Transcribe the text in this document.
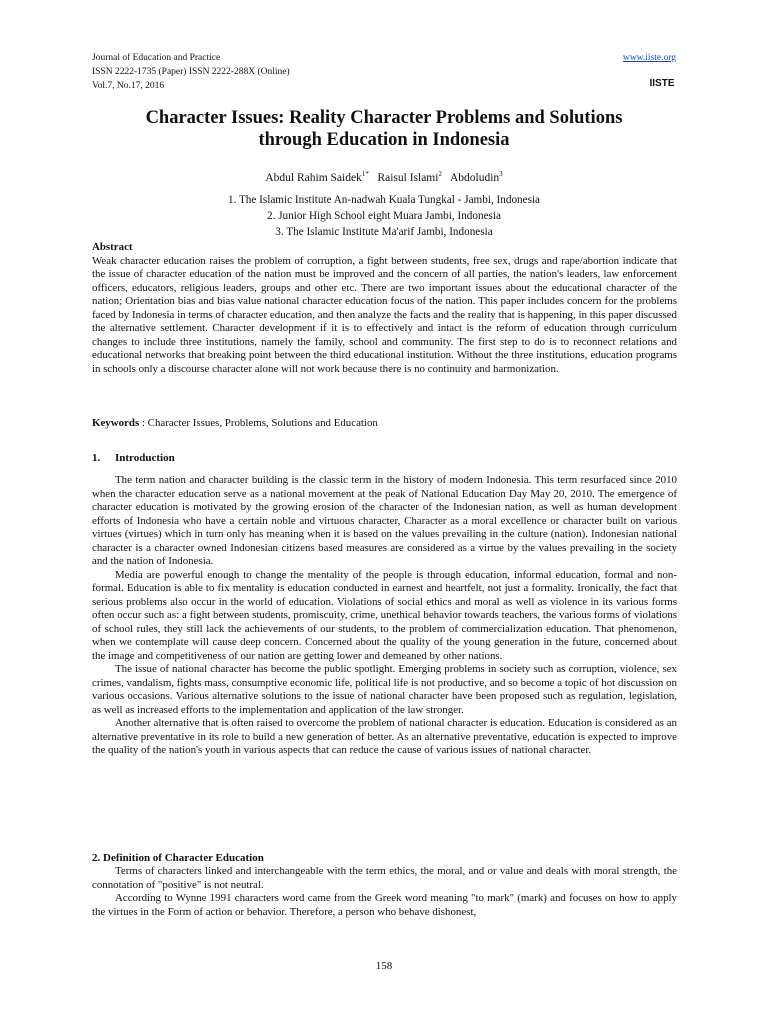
Journal of Education and Practice
ISSN 2222-1735 (Paper) ISSN 2222-288X (Online)
Vol.7, No.17, 2016
www.iiste.org
IISTE
Character Issues: Reality Character Problems and Solutions
through Education in Indonesia
Abdul Rahim Saidek$^{1*}$ Raisul Islami$^2$ Abdoludin$^3$
1. The Islamic Institute An-nadwah Kuala Tungkal - Jambi, Indonesia
2. Junior High School eight Muara Jambi, Indonesia
3. The Islamic Institute Ma'arif Jambi, Indonesia

Abstract

Weak character education raises the problem of corruption, a fight between students, free sex, drugs and rape/abortion indicate that the issue of character education of the nation must be improved and the concern of all parties, the nation's leaders, law enforcement officers, educators, religious leaders, groups and other etc. There are two important issues about the educational character of the nation; Orientation bias and bias value national character education focus of the nation. This paper includes concern for the problems faced by Indonesia in terms of character education, and then analyze the facts and the reality that is happening, in this paper discussed the alternative settlement. Character development if it is to effectively and intact is the reform of education through curriculum changes to include three institutions, namely the family, school and community. The first step to do is to reconnect relations and educational networks that breaking point between the third educational institution. Without the three institutions, education programs in schools only a discourse character alone will not work because there is no continuity and harmonization.

Keywords : Character Issues, Problems, Solutions and Education
1. Introduction

The term nation and character building is the classic term in the history of modern Indonesia. This term resurfaced since 2010 when the character education serve as a national movement at the peak of National Education Day May 20, 2010. The emergence of character education is motivated by the growing erosion of the character of the Indonesian nation, as well as human development efforts of Indonesia who have a certain noble and virtuous character, Character as a moral excellence or character built on various virtues (virtues) which in turn only has meaning when it is based on the values prevailing in the culture (nation). Indonesian national character is a character owned Indonesian citizens based measures are considered as a virtue by the values prevailing in the society and the nation of Indonesia.

Media are powerful enough to change the mentality of the people is through education, informal education, formal and non-formal. Education is able to fix mentality is education conducted in earnest and heartfelt, not just a formality. Ironically, the fact that serious problems also occur in the world of education. Violations of social ethics and moral as well as violence in its various forms often occur such as: a fight between students, promiscuity, crime, unethical behavior towards teachers, the various forms of violations of school rules, they still lack the achievements of our students, to the problem of commercialization education. That phenomenon, when we contemplate will cause deep concern. Concerned about the quality of the young generation in the future, concerned about the image and competitiveness of our nation are getting lower and demeaned by other nations.

The issue of national character has become the public spotlight. Emerging problems in society such as corruption, violence, sex crimes, vandalism, fights mass, consumptive economic life, political life is not productive, and so become a topic of hot discussion on various occasions. Various alternative solutions to the issue of national character have been proposed such as regulation, legislation, as well as increased efforts to the implementation and application of the law stronger.

Another alternative that is often raised to overcome the problem of national character is education. Education is considered as an alternative preventative in its role to build a new generation of better. As an alternative preventative, education is expected to improve the quality of the nation's youth in various aspects that can reduce the cause of various issues of national character.

2. Definition of Character Education

Terms of characters linked and interchangeable with the term ethics, the moral, and or value and deals with moral strength, the connotation of "positive" is not neutral.

According to Wynne 1991 characters word came from the Greek word meaning "to mark" (mark) and focuses on how to apply the virtues in the Form of action or behavior. Therefore, a person who behave dishonest,

158
